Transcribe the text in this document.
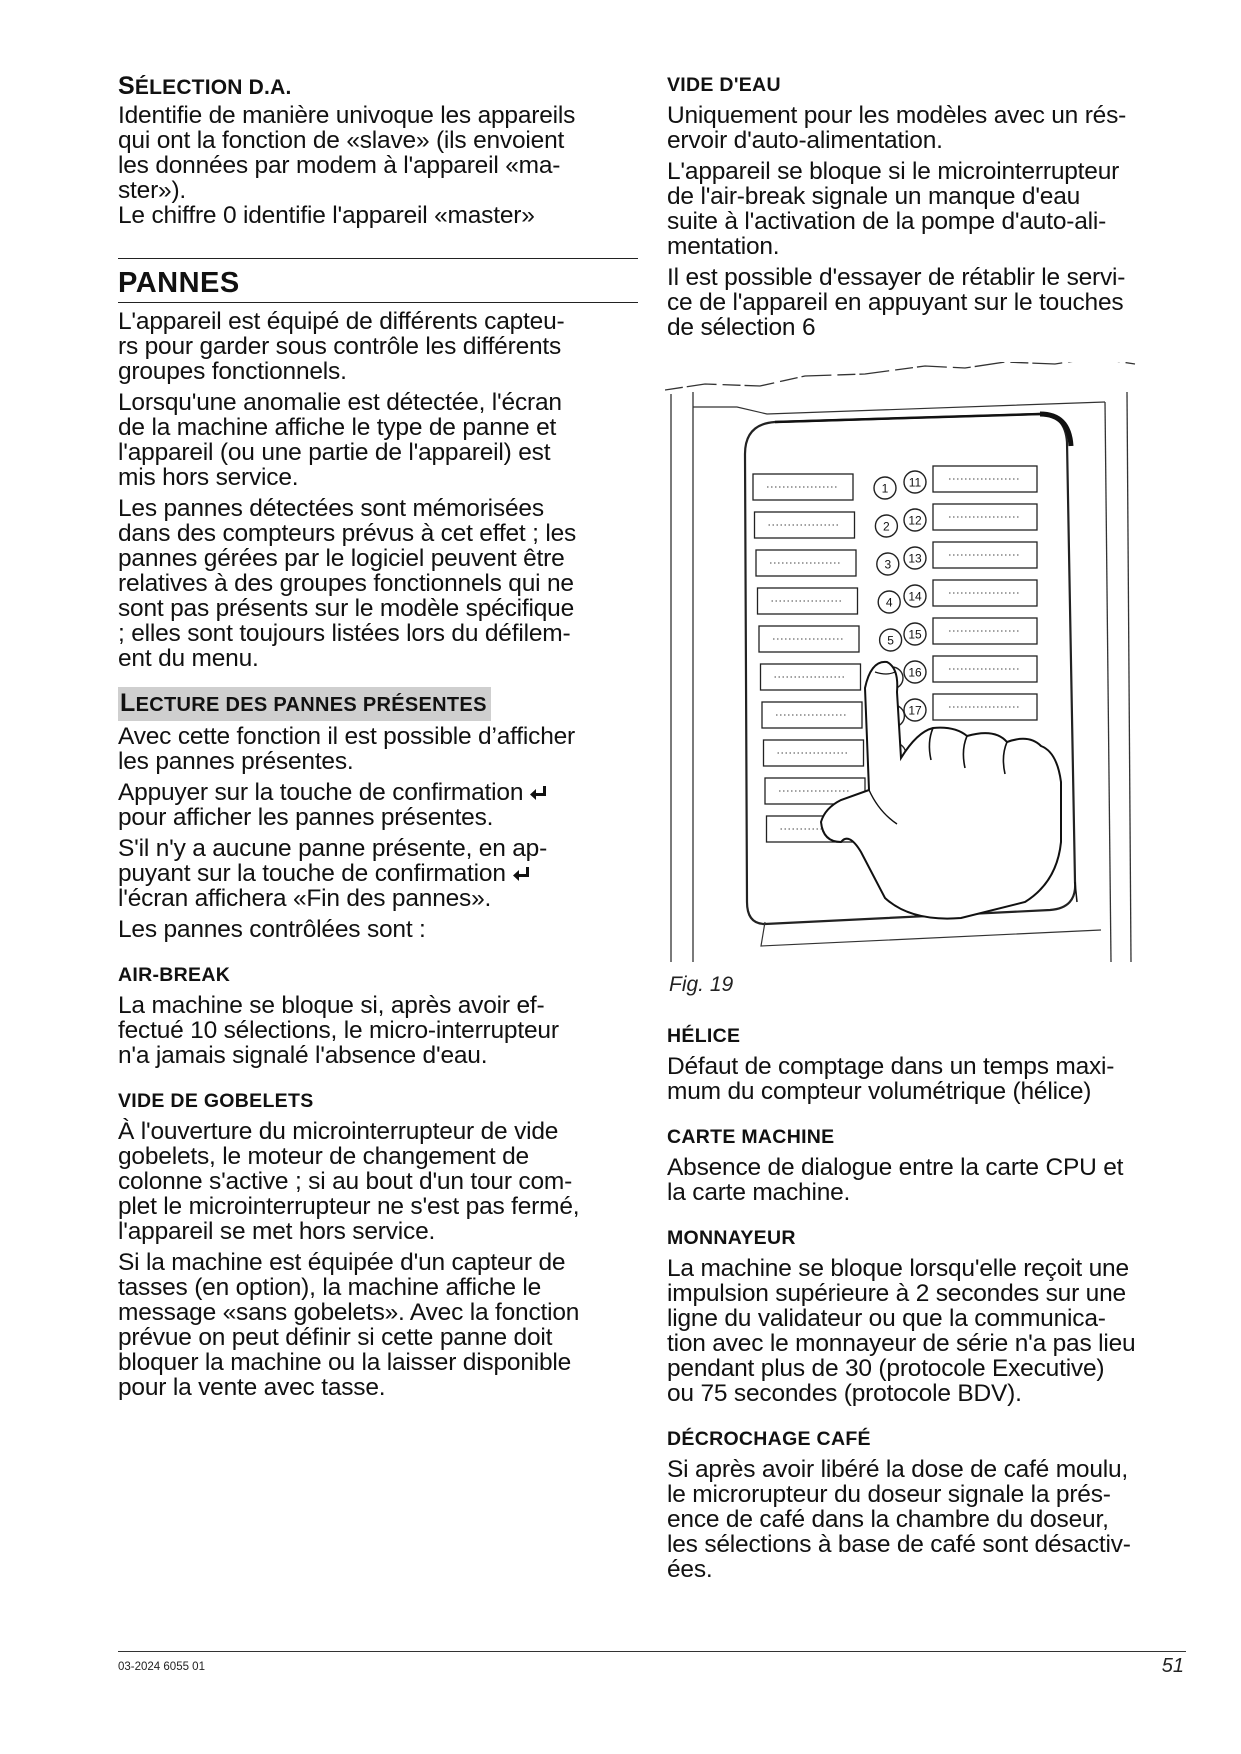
SÉLECTION D.A.

Identifie de manière univoque les appareils
qui ont la fonction de «slave» (ils envoient
les données par modem à l'appareil «ma-
ster»).
Le chiffre 0 identifie l'appareil «master»

PANNES

L'appareil est équipé de différents capteu-
rs pour garder sous contrôle les différents
groupes fonctionnels.

Lorsqu'une anomalie est détectée, l'écran
de la machine affiche le type de panne et
l'appareil (ou une partie de l'appareil) est
mis hors service.

Les pannes détectées sont mémorisées
dans des compteurs prévus à cet effet ; les
pannes gérées par le logiciel peuvent être
relatives à des groupes fonctionnels qui ne
sont pas présents sur le modèle spécifique
; elles sont toujours listées lors du défilem-
ent du menu.

LECTURE DES PANNES PRÉSENTES

Avec cette fonction il est possible d’afficher
les pannes présentes.

Appuyer sur la touche de confirmation
pour afficher les pannes présentes.

S'il n'y a aucune panne présente, en ap-
puyant sur la touche de confirmation
l'écran affichera «Fin des pannes».

Les pannes contrôlées sont :

AIR-BREAK

La machine se bloque si, après avoir ef-
fectué 10 sélections, le micro-interrupteur
n'a jamais signalé l'absence d'eau.

VIDE DE GOBELETS

À l'ouverture du microinterrupteur de vide
gobelets, le moteur de changement de
colonne s'active ; si au bout d'un tour com-
plet le microinterrupteur ne s'est pas fermé,
l'appareil se met hors service.

Si la machine est équipée d'un capteur de
tasses (en option), la machine affiche le
message «sans gobelets». Avec la fonction
prévue on peut définir si cette panne doit
bloquer la machine ou la laisser disponible
pour la vente avec tasse.

VIDE D'EAU

Uniquement pour les modèles avec un rés-
ervoir d'auto-alimentation.

L'appareil se bloque si le microinterrupteur
de l'air-break signale un manque d'eau
suite à l'activation de la pompe d'auto-ali-
mentation.

Il est possible d'essayer de rétablir le servi-
ce de l'appareil en appuyant sur le touches
de sélection 6

1
2
3
4
5
11
12
13
14
15
16
17
Fig. 19
HÉLICE

Défaut de comptage dans un temps maxi-
mum du compteur volumétrique (hélice)

CARTE MACHINE

Absence de dialogue entre la carte CPU et
la carte machine.

MONNAYEUR

La machine se bloque lorsqu'elle reçoit une
impulsion supérieure à 2 secondes sur une
ligne du validateur ou que la communica-
tion avec le monnayeur de série n'a pas lieu
pendant plus de 30 (protocole Executive)
ou 75 secondes (protocole BDV).

DÉCROCHAGE CAFÉ

Si après avoir libéré la dose de café moulu,
le microrupteur du doseur signale la prés-
ence de café dans la chambre du doseur,
les sélections à base de café sont désactiv-
ées.

03-2024 6055 01	51
